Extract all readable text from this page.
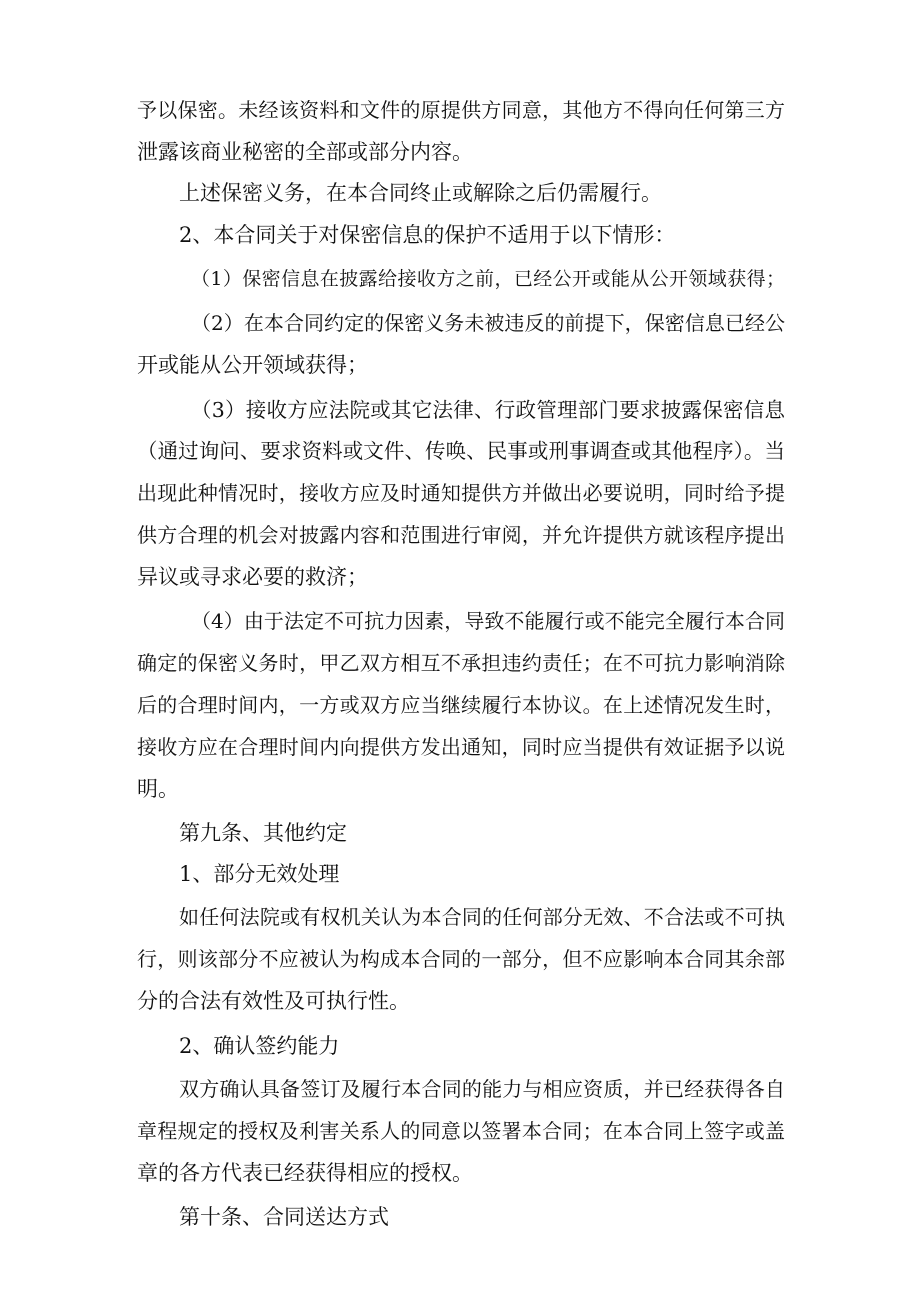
予以保密。未经该资料和文件的原提供方同意，其他方不得向任何第三方
泄露该商业秘密的全部或部分内容。
上述保密义务，在本合同终止或解除之后仍需履行。
2、本合同关于对保密信息的保护不适用于以下情形：
（1）保密信息在披露给接收方之前，已经公开或能从公开领域获得；
（2）在本合同约定的保密义务未被违反的前提下，保密信息已经公
开或能从公开领域获得；
（3）接收方应法院或其它法律、行政管理部门要求披露保密信息
（通过询问、要求资料或文件、传唤、民事或刑事调查或其他程序）。当
出现此种情况时，接收方应及时通知提供方并做出必要说明，同时给予提
供方合理的机会对披露内容和范围进行审阅，并允许提供方就该程序提出
异议或寻求必要的救济；
（4）由于法定不可抗力因素，导致不能履行或不能完全履行本合同
确定的保密义务时，甲乙双方相互不承担违约责任；在不可抗力影响消除
后的合理时间内，一方或双方应当继续履行本协议。在上述情况发生时，
接收方应在合理时间内向提供方发出通知，同时应当提供有效证据予以说
明。
第九条、其他约定
1、部分无效处理
如任何法院或有权机关认为本合同的任何部分无效、不合法或不可执
行，则该部分不应被认为构成本合同的一部分，但不应影响本合同其余部
分的合法有效性及可执行性。
2、确认签约能力
双方确认具备签订及履行本合同的能力与相应资质，并已经获得各自
章程规定的授权及利害关系人的同意以签署本合同；在本合同上签字或盖
章的各方代表已经获得相应的授权。
第十条、合同送达方式
